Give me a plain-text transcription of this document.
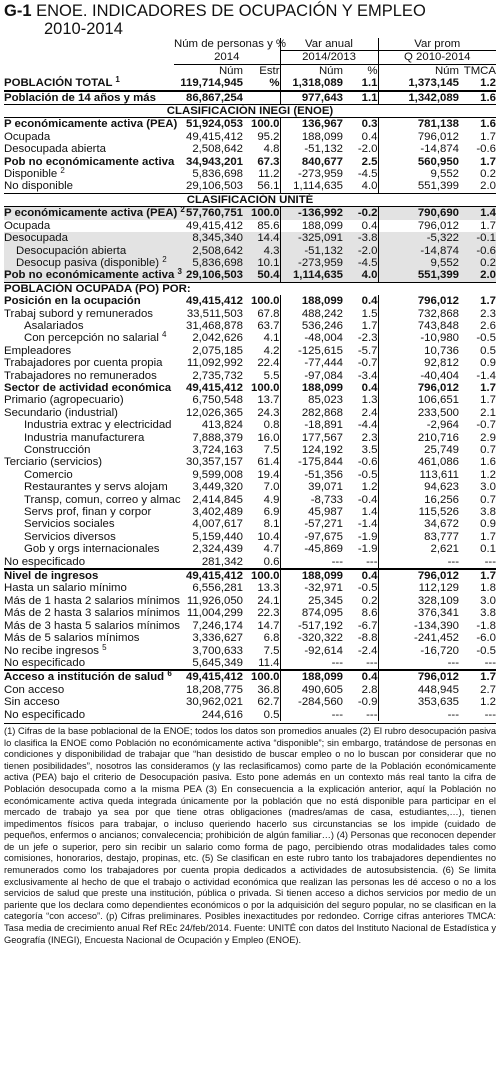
G-1 ENOE. INDICADORES DE OCUPACIÓN Y EMPLEO
2010-2014
	Núm de personas y %		Var anual		Var prom	
	2014		2014/2013		Q 2010-2014	
	Núm	Estr	Núm	%	Núm	TMCA
POBLACIÓN TOTAL $^1$	119,714,945	%	1,318,089	1.1	1,373,145	1.2
Población de 14 años y más	86,867,254		977,643	1.1	1,342,089	1.6
CLASIFICACIÓN INEGI (ENOE)						
P económicamente activa (PEA)	51,924,053	100.0	136,967	0.3	781,138	1.6
Ocupada	49,415,412	95.2	188,099	0.4	796,012	1.7
Desocupada abierta	2,508,642	4.8	-51,132	-2.0	-14,874	-0.6
Pob no económicamente activa	34,943,201	67.3	840,677	2.5	560,950	1.7
Disponible $^2$	5,836,698	11.2	-273,959	-4.5	9,552	0.2
No disponible	29,106,503	56.1	1,114,635	4.0	551,399	2.0
CLASIFICACIÓN UNITÉ						
P económicamente activa (PEA) $^2$	57,760,751	100.0	-136,992	-0.2	790,690	1.4
Ocupada	49,415,412	85.6	188,099	0.4	796,012	1.7
Desocupada	8,345,340	14.4	-325,091	-3.8	-5,322	-0.1
Desocupación abierta	2,508,642	4.3	-51,132	-2.0	-14,874	-0.6
Desocup pasiva (disponible) $^2$	5,836,698	10.1	-273,959	-4.5	9,552	0.2
Pob no económicamente activa $^3$	29,106,503	50.4	1,114,635	4.0	551,399	2.0
POBLACIÓN OCUPADA (PO) POR:						
Posición en la ocupación	49,415,412	100.0	188,099	0.4	796,012	1.7
Trabaj subord y remunerados	33,511,503	67.8	488,242	1.5	732,868	2.3
Asalariados	31,468,878	63.7	536,246	1.7	743,848	2.6
Con percepción no salarial $^4$	2,042,626	4.1	-48,004	-2.3	-10,980	-0.5
Empleadores	2,075,185	4.2	-125,615	-5.7	10,736	0.5
Trabajadores por cuenta propia	11,092,992	22.4	-77,444	-0.7	92,812	0.9
Trabajadores no remunerados	2,735,732	5.5	-97,084	-3.4	-40,404	-1.4
Sector de actividad económica	49,415,412	100.0	188,099	0.4	796,012	1.7
Primario (agropecuario)	6,750,548	13.7	85,023	1.3	106,651	1.7
Secundario (industrial)	12,026,365	24.3	282,868	2.4	233,500	2.1
Industria extrac y electricidad	413,824	0.8	-18,891	-4.4	-2,964	-0.7
Industria manufacturera	7,888,379	16.0	177,567	2.3	210,716	2.9
Construcción	3,724,163	7.5	124,192	3.5	25,749	0.7
Terciario (servicios)	30,357,157	61.4	-175,844	-0.6	461,086	1.6
Comercio	9,599,008	19.4	-51,356	-0.5	113,611	1.2
Restaurantes y servs alojam	3,449,320	7.0	39,071	1.2	94,623	3.0
Transp, comun, correo y almac	2,414,845	4.9	-8,733	-0.4	16,256	0.7
Servs prof, finan y corpor	3,402,489	6.9	45,987	1.4	115,526	3.8
Servicios sociales	4,007,617	8.1	-57,271	-1.4	34,672	0.9
Servicios diversos	5,159,440	10.4	-97,675	-1.9	83,777	1.7
Gob y orgs internacionales	2,324,439	4.7	-45,869	-1.9	2,621	0.1
No especificado	281,342	0.6	---	---	---	---
Nivel de ingresos	49,415,412	100.0	188,099	0.4	796,012	1.7
Hasta un salario mínimo	6,556,281	13.3	-32,971	-0.5	112,129	1.8
Más de 1 hasta 2 salarios mínimos	11,926,050	24.1	25,345	0.2	328,109	3.0
Más de 2 hasta 3 salarios mínimos	11,004,299	22.3	874,095	8.6	376,341	3.8
Más de 3 hasta 5 salarios mínimos	7,246,174	14.7	-517,192	-6.7	-134,390	-1.8
Más de 5 salarios mínimos	3,336,627	6.8	-320,322	-8.8	-241,452	-6.0
No recibe ingresos $^5$	3,700,633	7.5	-92,614	-2.4	-16,720	-0.5
No especificado	5,645,349	11.4	---	---	---	---
Acceso a institución de salud $^6$	49,415,412	100.0	188,099	0.4	796,012	1.7
Con acceso	18,208,775	36.8	490,605	2.8	448,945	2.7
Sin acceso	30,962,021	62.7	-284,560	-0.9	353,635	1.2
No especificado	244,616	0.5	---	---	---	---
(1) Cifras de la base poblacional de la ENOE; todos los datos son promedios anuales (2) El rubro desocupación pasiva lo clasifica la ENOE como Población no económicamente activa “disponible”; sin embargo, tratándose de personas en condiciones y disponibilidad de trabajar que “han desistido de buscar empleo o no lo buscan por considerar que no tienen posibilidades”, nosotros las consideramos (y las reclasificamos) como parte de la Población económicamente activa (PEA) bajo el criterio de Desocupación pasiva. Esto pone además en un contexto más real tanto la cifra de Población desocupada como a la misma PEA (3) En consecuencia a la explicación anterior, aquí la Población no económicamente activa queda integrada únicamente por la población que no está disponible para participar en el mercado de trabajo ya sea por que tiene otras obligaciones (madres/amas de casa, estudiantes,…), tienen impedimentos físicos para trabajar, o incluso queriendo hacerlo sus circunstancias se los impide (cuidado de pequeños, enfermos o ancianos; convalecencia; prohibición de algún familiar…) (4) Personas que reconocen depender de un jefe o superior, pero sin recibir un salario como forma de pago, percibiendo otras modalidades tales como comisiones, honorarios, destajo, propinas, etc. (5) Se clasifican en este rubro tanto los trabajadores dependientes no remunerados como los trabajadores por cuenta propia dedicados a actividades de autosubsistencia. (6) Se limita exclusivamente al hecho de que el trabajo o actividad económica que realizan las personas les dé acceso o no a los servicios de salud que preste una institución, pública o privada. Si tienen acceso a dichos servicios por medio de un pariente que los declara como dependientes económicos o por la adquisición del seguro popular, no se clasifican en la categoría “con acceso”. (p) Cifras preliminares. Posibles inexactitudes por redondeo. Corrige cifras anteriores TMCA: Tasa media de crecimiento anual Ref REc 24/feb/2014. Fuente: UNITÉ con datos del Instituto Nacional de Estadística y Geografía (INEGI), Encuesta Nacional de Ocupación y Empleo (ENOE).
